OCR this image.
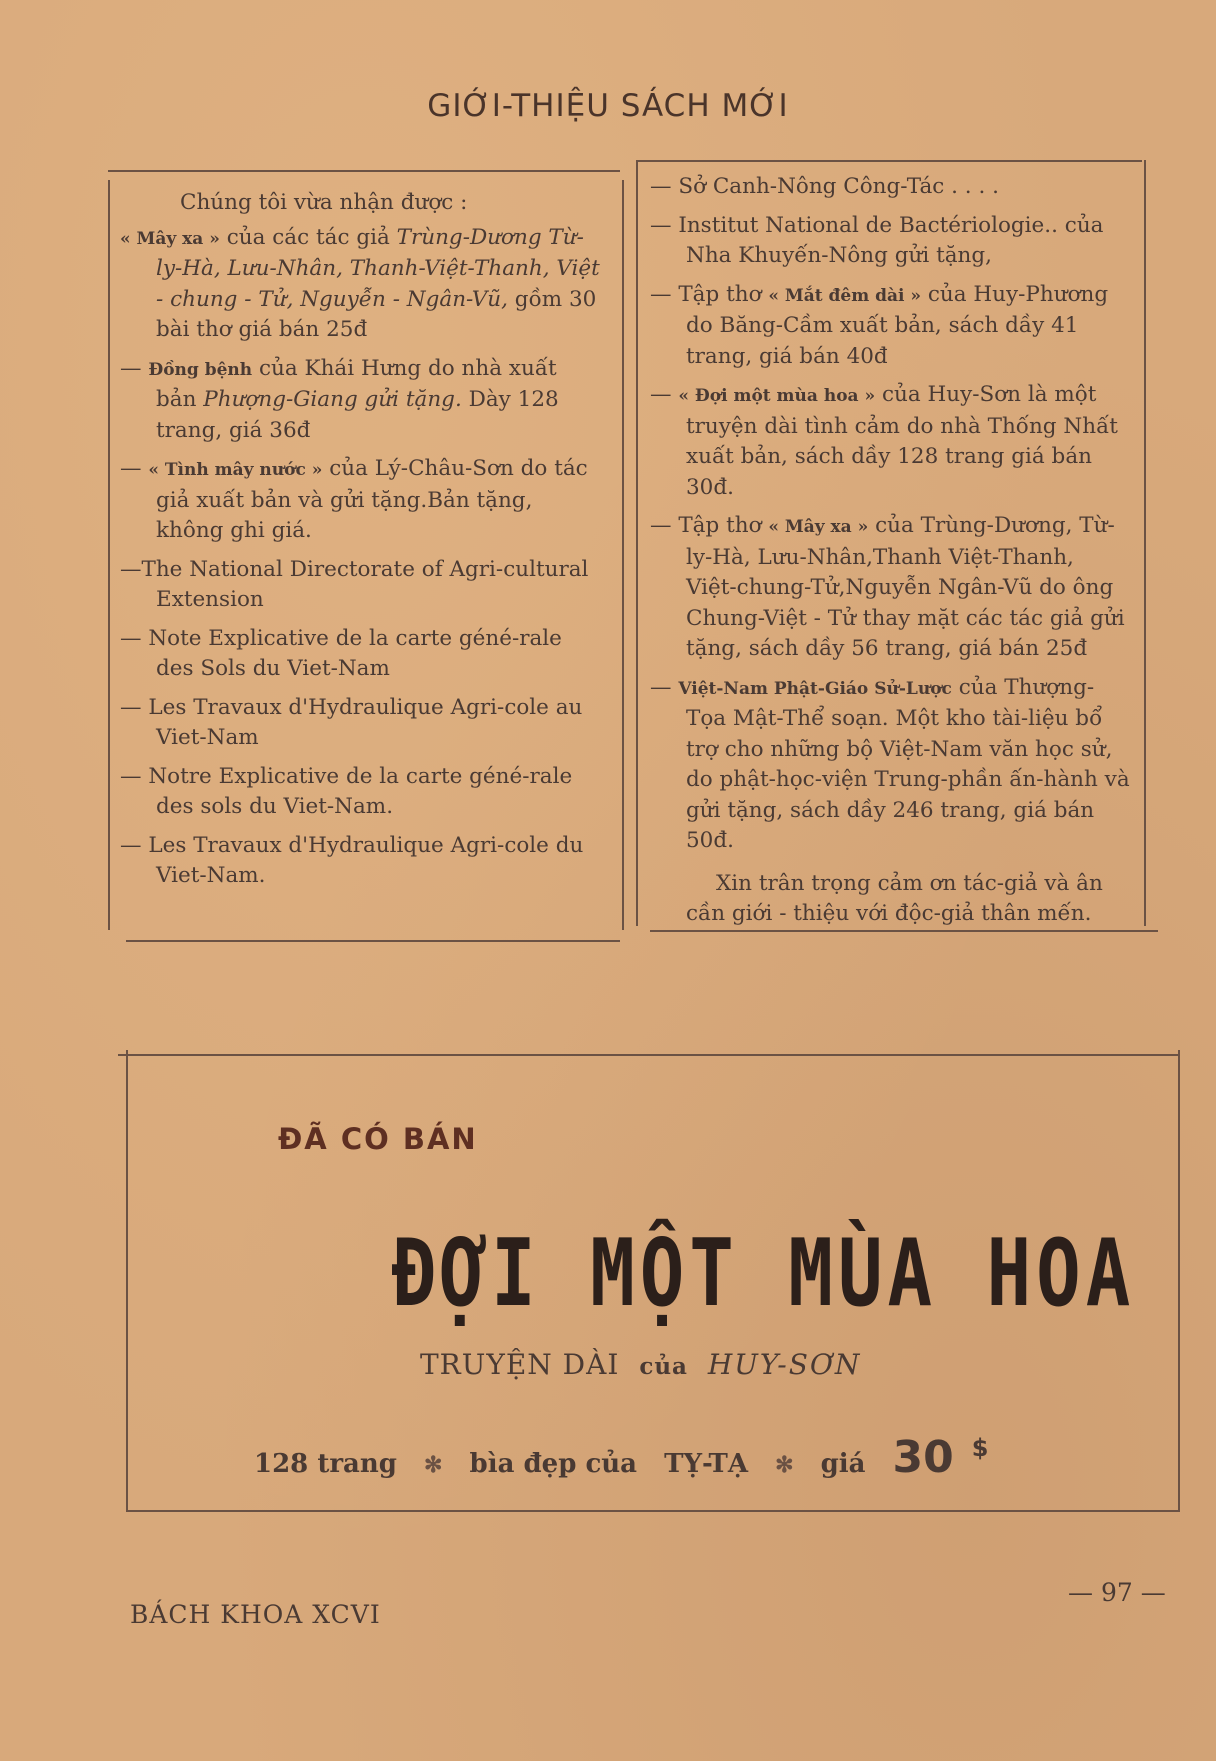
GIỚI-THIỆU SÁCH MỚI
Chúng tôi vừa nhận được :
« Mây xa » của các tác giả Trùng-Dương Từ-ly-Hà, Lưu-Nhân, Thanh-Việt-Thanh, Việt - chung - Tử, Nguyễn - Ngân-Vũ, gồm 30 bài thơ giá bán 25đ
— Đồng bệnh của Khái Hưng do nhà xuất bản Phượng-Giang gửi tặng. Dày 128 trang, giá 36đ
— « Tình mây nước » của Lý-Châu-Sơn do tác giả xuất bản và gửi tặng.Bản tặng, không ghi giá.
—The National Directorate of Agri-cultural Extension
— Note Explicative de la carte géné-rale des Sols du Viet-Nam
— Les Travaux d'Hydraulique Agri-cole au Viet-Nam
— Notre Explicative de la carte géné-rale des sols du Viet-Nam.
— Les Travaux d'Hydraulique Agri-cole du Viet-Nam.
— Sở Canh-Nông Công-Tác . . . .
— Institut National de Bactériologie.. của Nha Khuyến-Nông gửi tặng,
— Tập thơ « Mắt đêm dài » của Huy-Phương do Băng-Cầm xuất bản, sách dầy 41 trang, giá bán 40đ
— « Đợi một mùa hoa » của Huy-Sơn là một truyện dài tình cảm do nhà Thống Nhất xuất bản, sách dầy 128 trang giá bán 30đ.
— Tập thơ « Mây xa » của Trùng-Dương, Từ-ly-Hà, Lưu-Nhân,Thanh Việt-Thanh, Việt-chung-Tử,Nguyễn Ngân-Vũ do ông Chung-Việt - Tử thay mặt các tác giả gửi tặng, sách dầy 56 trang, giá bán 25đ
— Việt-Nam Phật-Giáo Sử-Lược của Thượng-Tọa Mật-Thể soạn. Một kho tài-liệu bổ trợ cho những bộ Việt-Nam văn học sử, do phật-học-viện Trung-phần ấn-hành và gửi tặng, sách dầy 246 trang, giá bán 50đ.
Xin trân trọng cảm ơn tác-giả và ân cần giới - thiệu với độc-giả thân mến.
ĐÃ CÓ BÁN
ĐỢI MỘT MÙA HOA
TRUYỆN DÀI của HUY-SƠN
128 trang ✻ bìa đẹp của TỴ-TẠ ✻ giá 30 $
BÁCH KHOA XCVI
— 97 —
